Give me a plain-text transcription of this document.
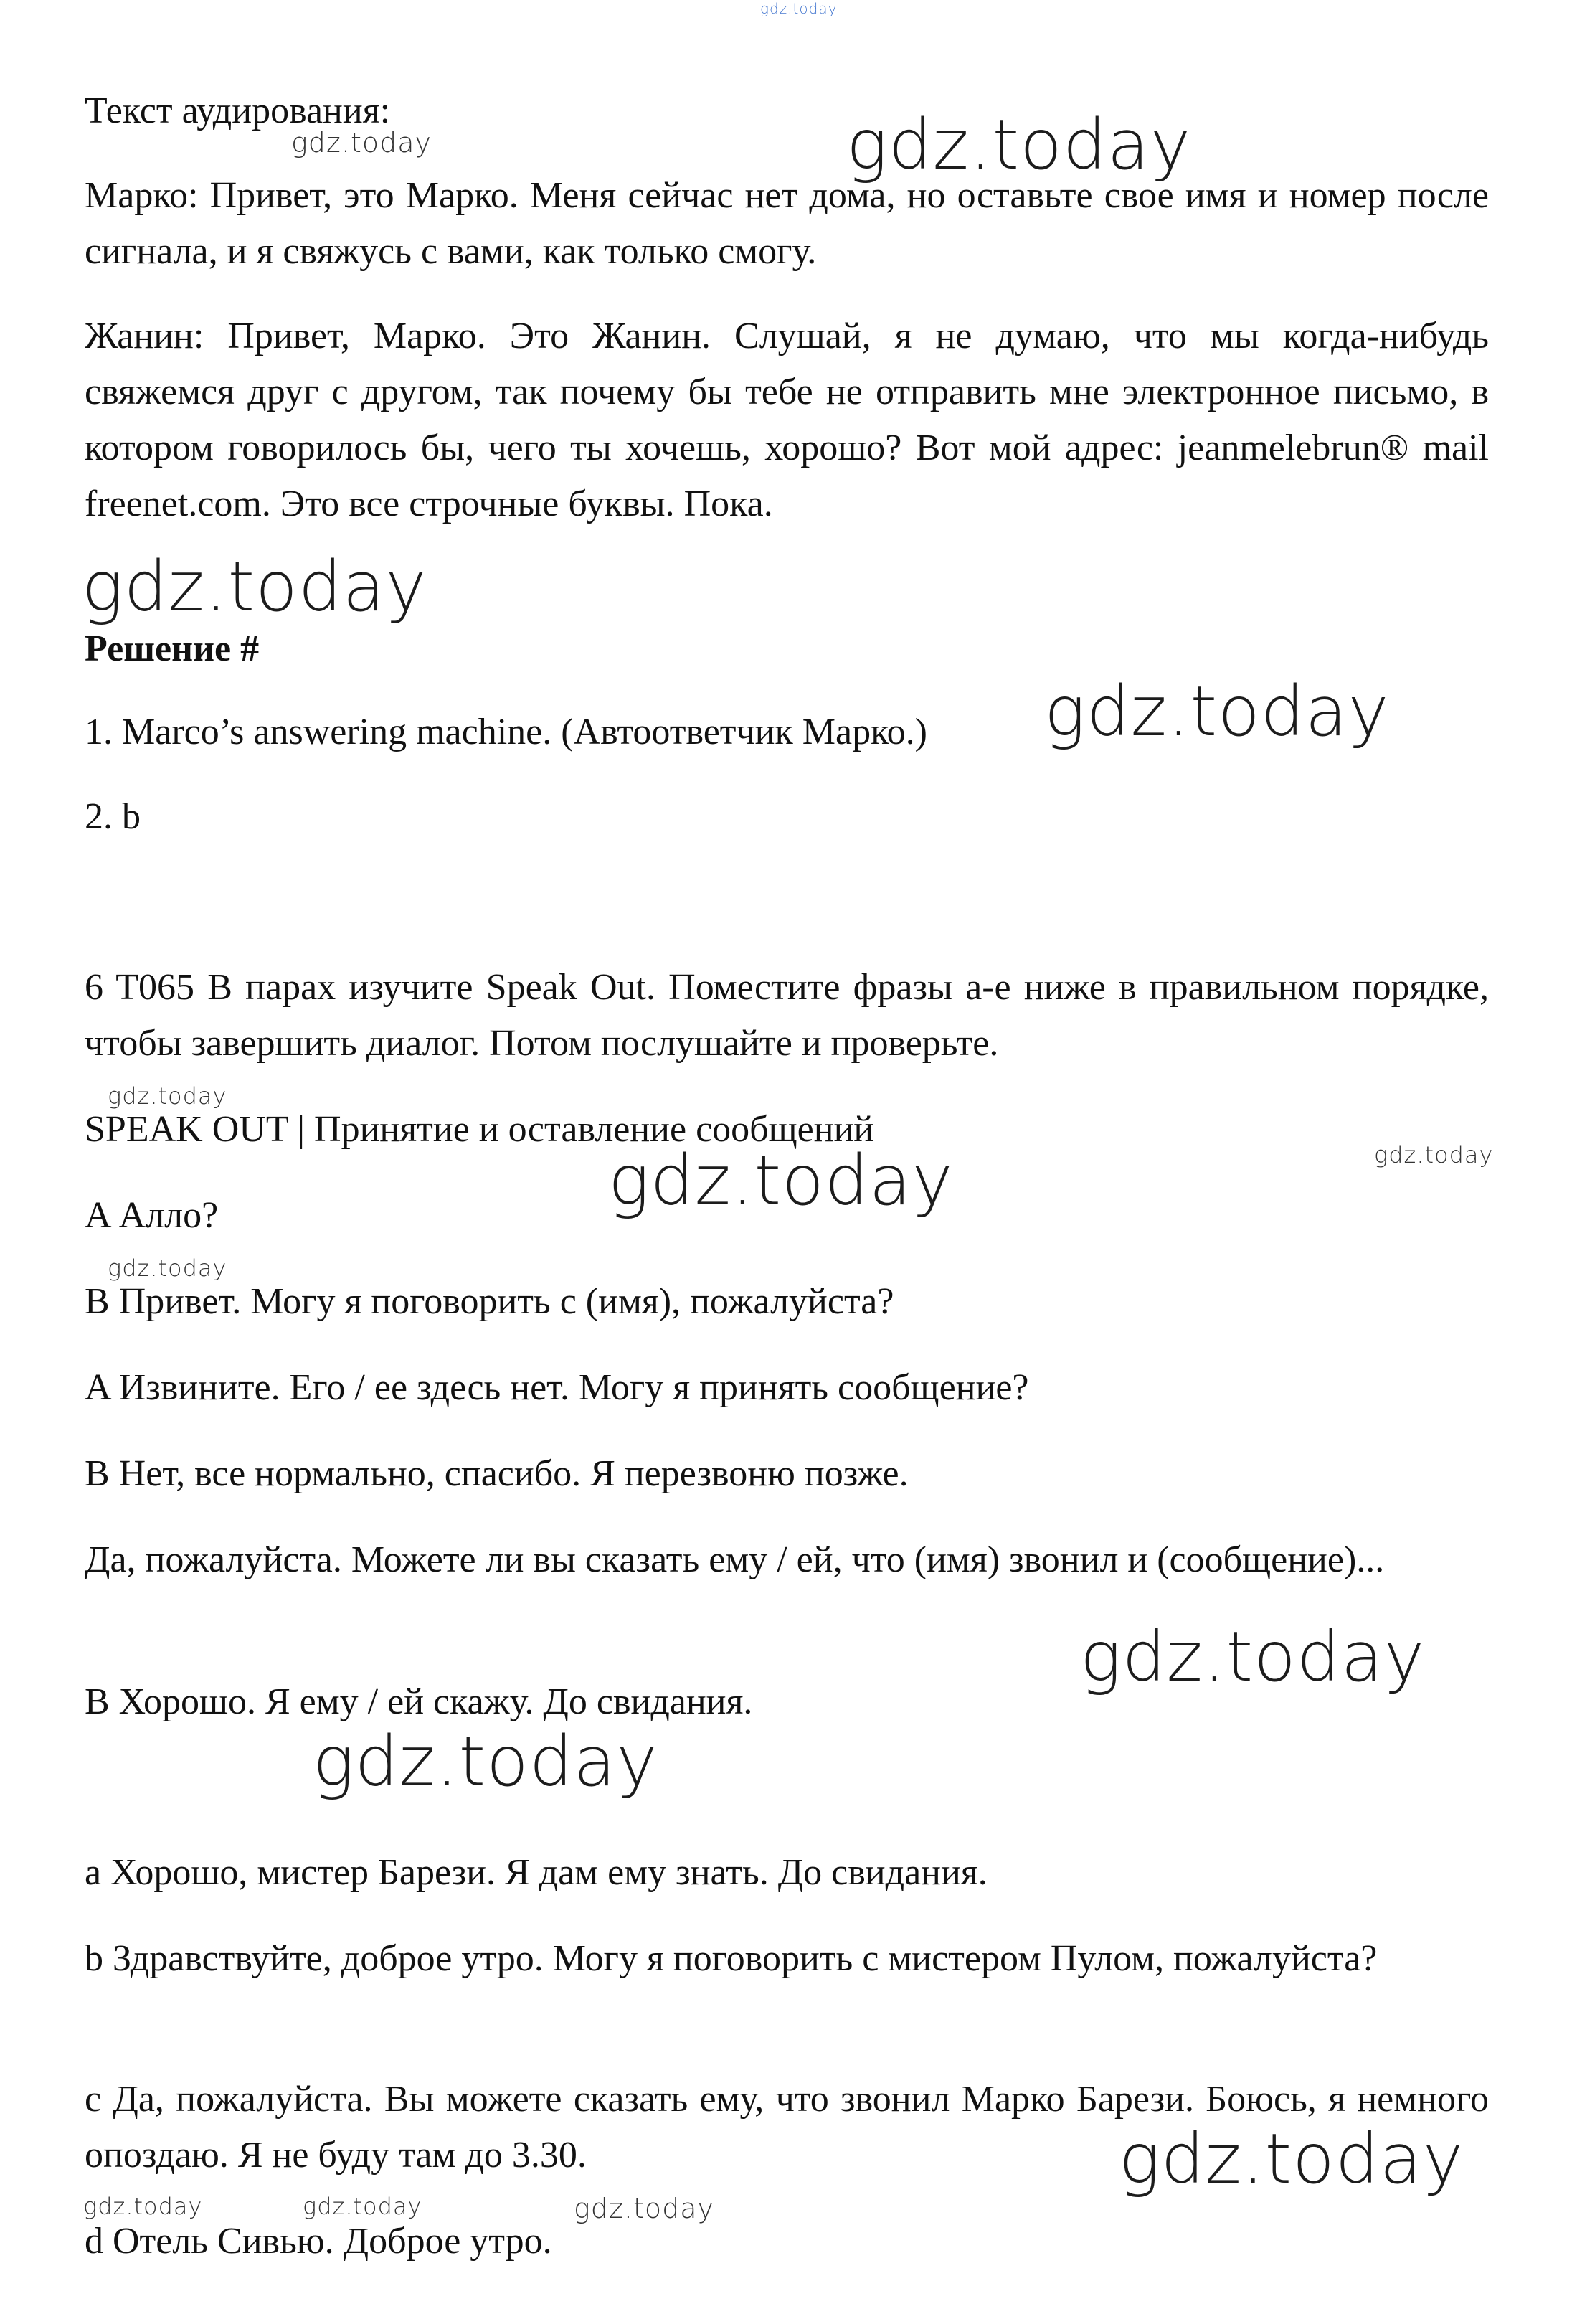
gdz.today

Текст аудирования:

Марко: Привет, это Марко. Меня сейчас нет дома, но оставьте свое имя и номер после сигнала, и я свяжусь с вами, как только смогу.

Жанин: Привет, Марко. Это Жанин. Слушай, я не думаю, что мы когда-нибудь свяжемся друг с другом, так почему бы тебе не отправить мне электронное письмо, в котором говорилось бы, чего ты хочешь, хорошо? Вот мой адрес: jeanmelebrun® mail freenet.com. Это все строчные буквы. Пока.

Решение #

1. Marco’s answering machine. (Автоответчик Марко.)

2. b

6 T065 В парах изучите Speak Out. Поместите фразы a-e ниже в правильном порядке, чтобы завершить диалог. Потом послушайте и проверьте.

SPEAK OUT | Принятие и оставление сообщений

A Алло?

B Привет. Могу я поговорить с (имя), пожалуйста?

A Извините. Его / ее здесь нет. Могу я принять сообщение?

B Нет, все нормально, спасибо. Я перезвоню позже.

Да, пожалуйста. Можете ли вы сказать ему / ей, что (имя) звонил и (сообщение)...

B Хорошо. Я ему / ей скажу. До свидания.

a Хорошо, мистер Барези. Я дам ему знать. До свидания.

b Здравствуйте, доброе утро. Могу я поговорить с мистером Пулом, пожалуйста?

c Да, пожалуйста. Вы можете сказать ему, что звонил Марко Барези. Боюсь, я немного опоздаю. Я не буду там до 3.30.

d Отель Сивью. Доброе утро.

gdz.today	gdz.today
gdz.today
gdz.today
gdz.today
gdz.today
gdz.today
gdz.today
gdz.today
gdz.today
gdz.today
gdz.today	gdz.today	gdz.today
